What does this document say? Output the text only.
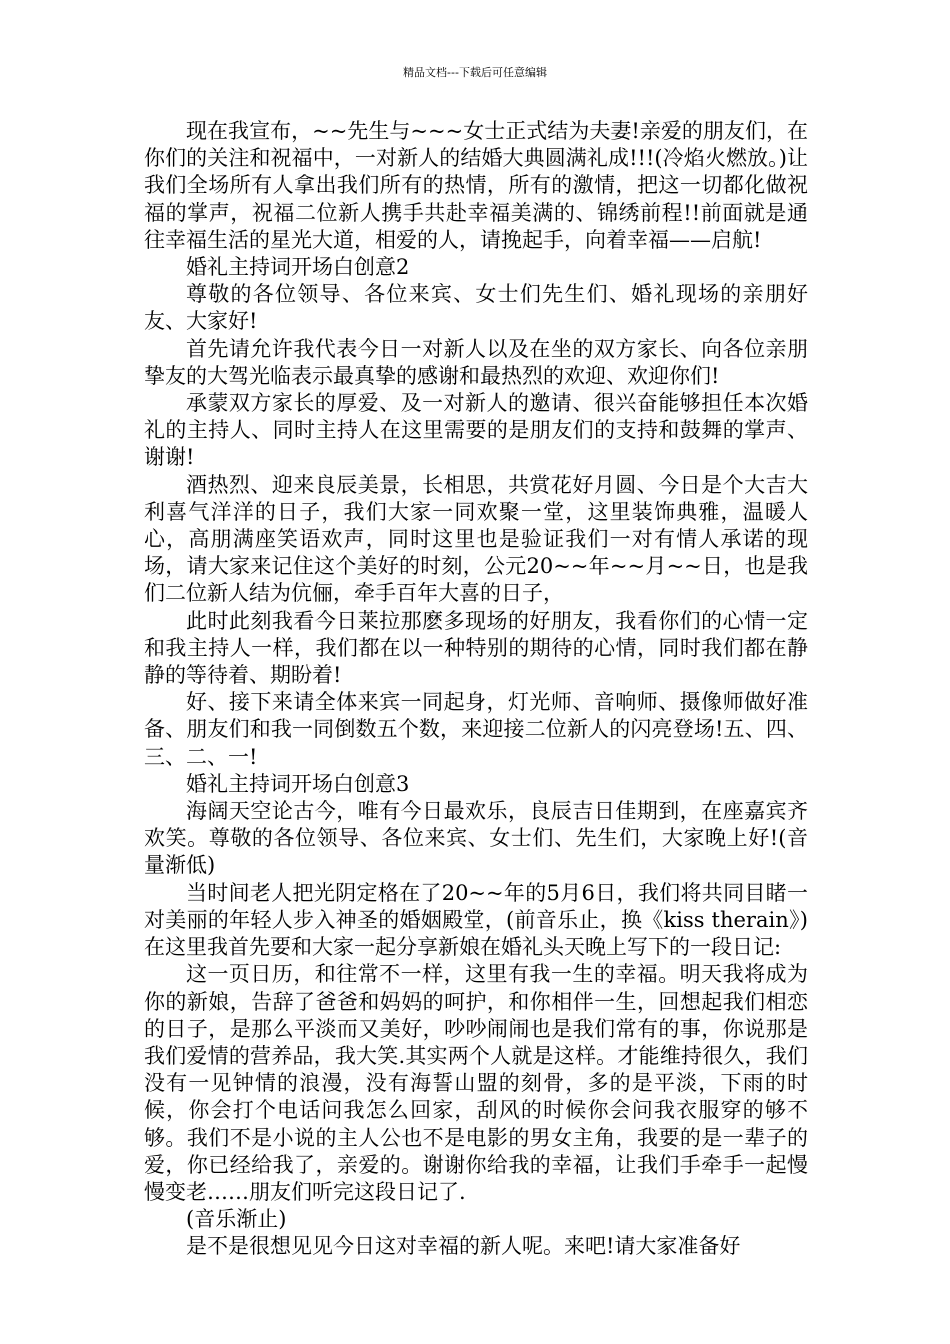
精品文档---下载后可任意编辑

现在我宣布，~~先生与~~~女士正式结为夫妻!亲爱的朋友们，在你们的关注和祝福中，一对新人的结婚大典圆满礼成!!!(冷焰火燃放。)让我们全场所有人拿出我们所有的热情，所有的激情，把这一切都化做祝福的掌声，祝福二位新人携手共赴幸福美满的、锦绣前程!!前面就是通往幸福生活的星光大道，相爱的人，请挽起手，向着幸福——启航!

婚礼主持词开场白创意2

尊敬的各位领导、各位来宾、女士们先生们、婚礼现场的亲朋好友、大家好!

首先请允许我代表今日一对新人以及在坐的双方家长、向各位亲朋挚友的大驾光临表示最真挚的感谢和最热烈的欢迎、欢迎你们!

承蒙双方家长的厚爱、及一对新人的邀请、很兴奋能够担任本次婚礼的主持人、同时主持人在这里需要的是朋友们的支持和鼓舞的掌声、谢谢!

酒热烈、迎来良辰美景，长相思，共赏花好月圆、今日是个大吉大利喜气洋洋的日子，我们大家一同欢聚一堂，这里装饰典雅，温暖人心，高朋满座笑语欢声，同时这里也是验证我们一对有情人承诺的现场，请大家来记住这个美好的时刻，公元20~~年~~月~~日，也是我们二位新人结为伉俪，牵手百年大喜的日子，

此时此刻我看今日莱拉那麽多现场的好朋友，我看你们的心情一定和我主持人一样，我们都在以一种特别的期待的心情，同时我们都在静静的等待着、期盼着!

好、接下来请全体来宾一同起身，灯光师、音响师、摄像师做好准备、朋友们和我一同倒数五个数，来迎接二位新人的闪亮登场!五、四、三、二、一!

婚礼主持词开场白创意3

海阔天空论古今，唯有今日最欢乐，良辰吉日佳期到，在座嘉宾齐欢笑。尊敬的各位领导、各位来宾、女士们、先生们，大家晚上好!(音量渐低)

当时间老人把光阴定格在了20~~年的5月6日，我们将共同目睹一对美丽的年轻人步入神圣的婚姻殿堂，(前音乐止，换《kiss therain》)在这里我首先要和大家一起分享新娘在婚礼头天晚上写下的一段日记:

这一页日历，和往常不一样，这里有我一生的幸福。明天我将成为你的新娘，告辞了爸爸和妈妈的呵护，和你相伴一生，回想起我们相恋的日子，是那么平淡而又美好，吵吵闹闹也是我们常有的事，你说那是我们爱情的营养品，我大笑.其实两个人就是这样。才能维持很久，我们没有一见钟情的浪漫，没有海誓山盟的刻骨，多的是平淡，下雨的时候，你会打个电话问我怎么回家，刮风的时候你会问我衣服穿的够不够。我们不是小说的主人公也不是电影的男女主角，我要的是一辈子的爱，你已经给我了，亲爱的。谢谢你给我的幸福，让我们手牵手一起慢慢变老……朋友们听完这段日记了.

(音乐渐止)

是不是很想见见今日这对幸福的新人呢。来吧!请大家准备好
